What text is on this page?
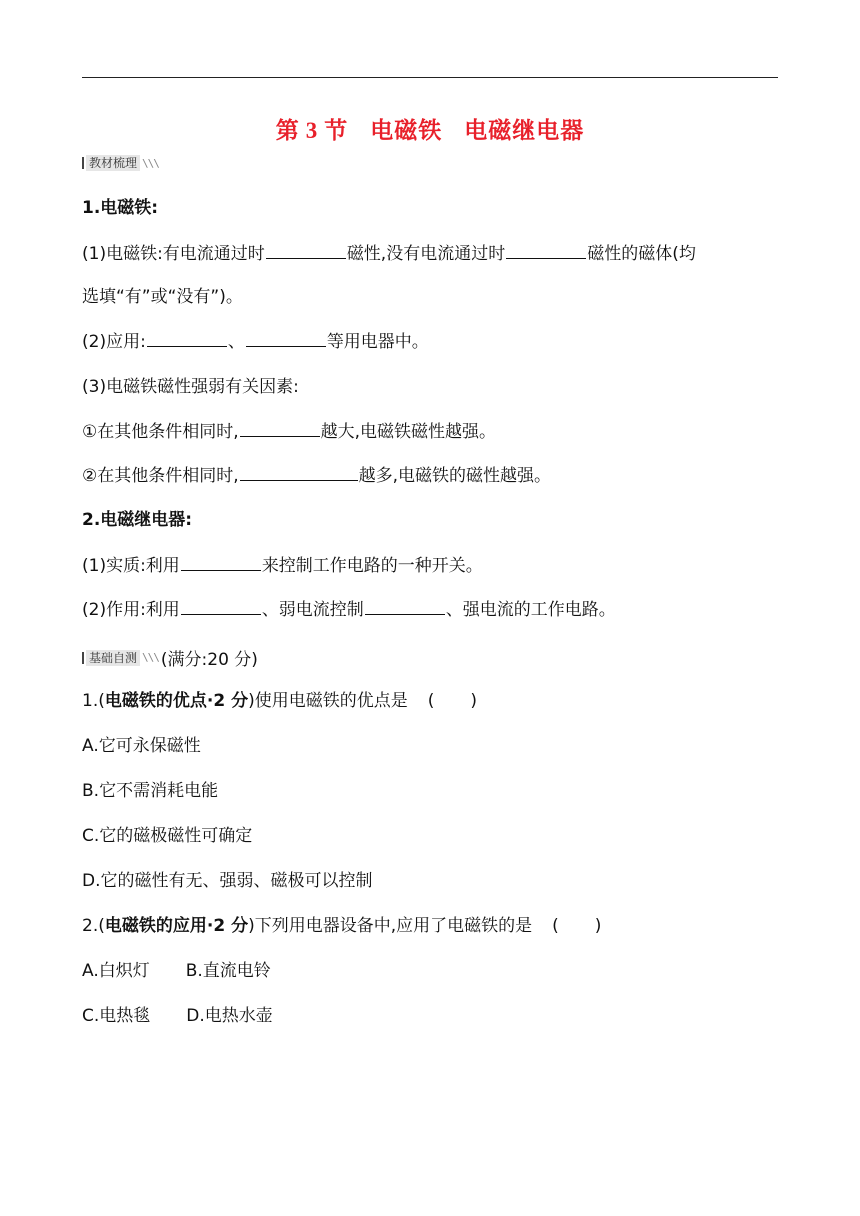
第 3 节 电磁铁 电磁继电器
教材梳理 \\\
1.电磁铁:
(1)电磁铁:有电流通过时	磁性,没有电流通过时	磁性的磁体(均
选填“有”或“没有”)。
(2)应用:	、	等用电器中。
(3)电磁铁磁性强弱有关因素:
①在其他条件相同时,	越大,电磁铁磁性越强。
②在其他条件相同时,	越多,电磁铁的磁性越强。
2.电磁继电器:
(1)实质:利用	来控制工作电路的一种开关。
(2)作用:利用	、弱电流控制	、强电流的工作电路。
基础自测 \\\ (满分:20 分)
1.(电磁铁的优点·2 分)使用电磁铁的优点是 ( )
A.它可永保磁性
B.它不需消耗电能
C.它的磁极磁性可确定
D.它的磁性有无、强弱、磁极可以控制
2.(电磁铁的应用·2 分)下列用电器设备中,应用了电磁铁的是 ( )
A.白炽灯 B.直流电铃
C.电热毯 D.电热水壶
